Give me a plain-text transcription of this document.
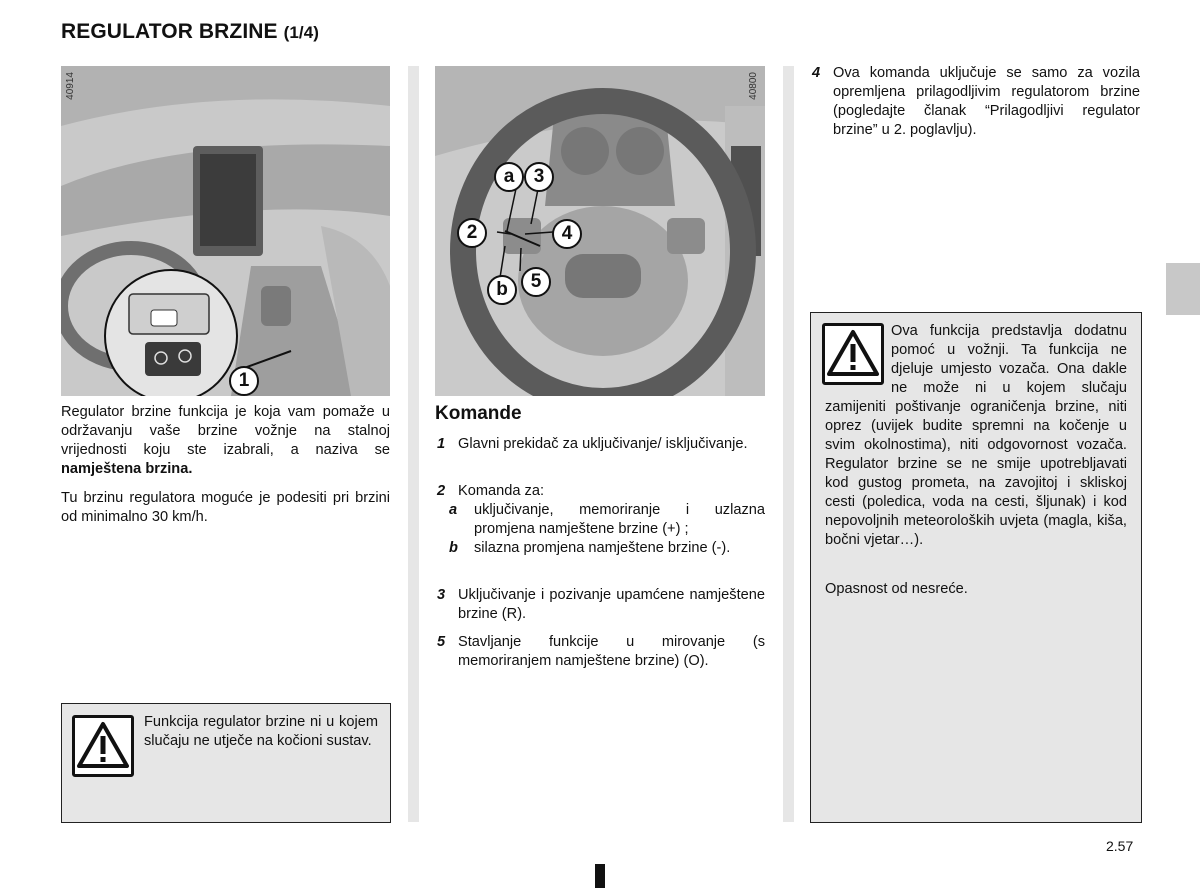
REGULATOR BRZINE (1/4)
1
40914

Regulator brzine funkcija je koja vam pomaže u održavanju vaše brzine vožnje na stalnoj vrijednosti koju ste izabrali, a naziva se namještena brzina.

Tu brzinu regulatora moguće je podesiti pri brzini od minimalno 30 km/h.

Funkcija regulator brzine ni u kojem slučaju ne utječe na kočioni sustav.

a	3
2	4
5
b
40800
Komande
1 Glavni prekidač za uključivanje/ isključivanje.
2 Komanda za:
a uključivanje, memoriranje i uzlazna promjena namještene brzine (+) ;
b silazna promjena namještene brzine (-).
3 Uključivanje i pozivanje upamćene namještene brzine (R).
5 Stavljanje funkcije u mirovanje (s memoriranjem namještene brzine) (O).
4 Ova komanda uključuje se samo za vozila opremljena prilagodljivim regulatorom brzine (pogledajte članak “Prilagodljivi regulator brzine” u 2. poglavlju).

Ova funkcija predstavlja dodatnu pomoć u vožnji. Ta funkcija ne djeluje umjesto vozača. Ona dakle ne može ni u kojem slučaju zamijeniti poštivanje ograničenja brzine, niti oprez (uvijek budite spremni na kočenje u svim okolnostima), niti odgovornost vozača. Regulator brzine se ne smije upotrebljavati kod gustog prometa, na zavojitoj i skliskoj cesti (poledica, voda na cesti, šljunak) i kod nepovoljnih meteoroloških uvjeta (magla, kiša, bočni vjetar…).

Opasnost od nesreće.

2.57
